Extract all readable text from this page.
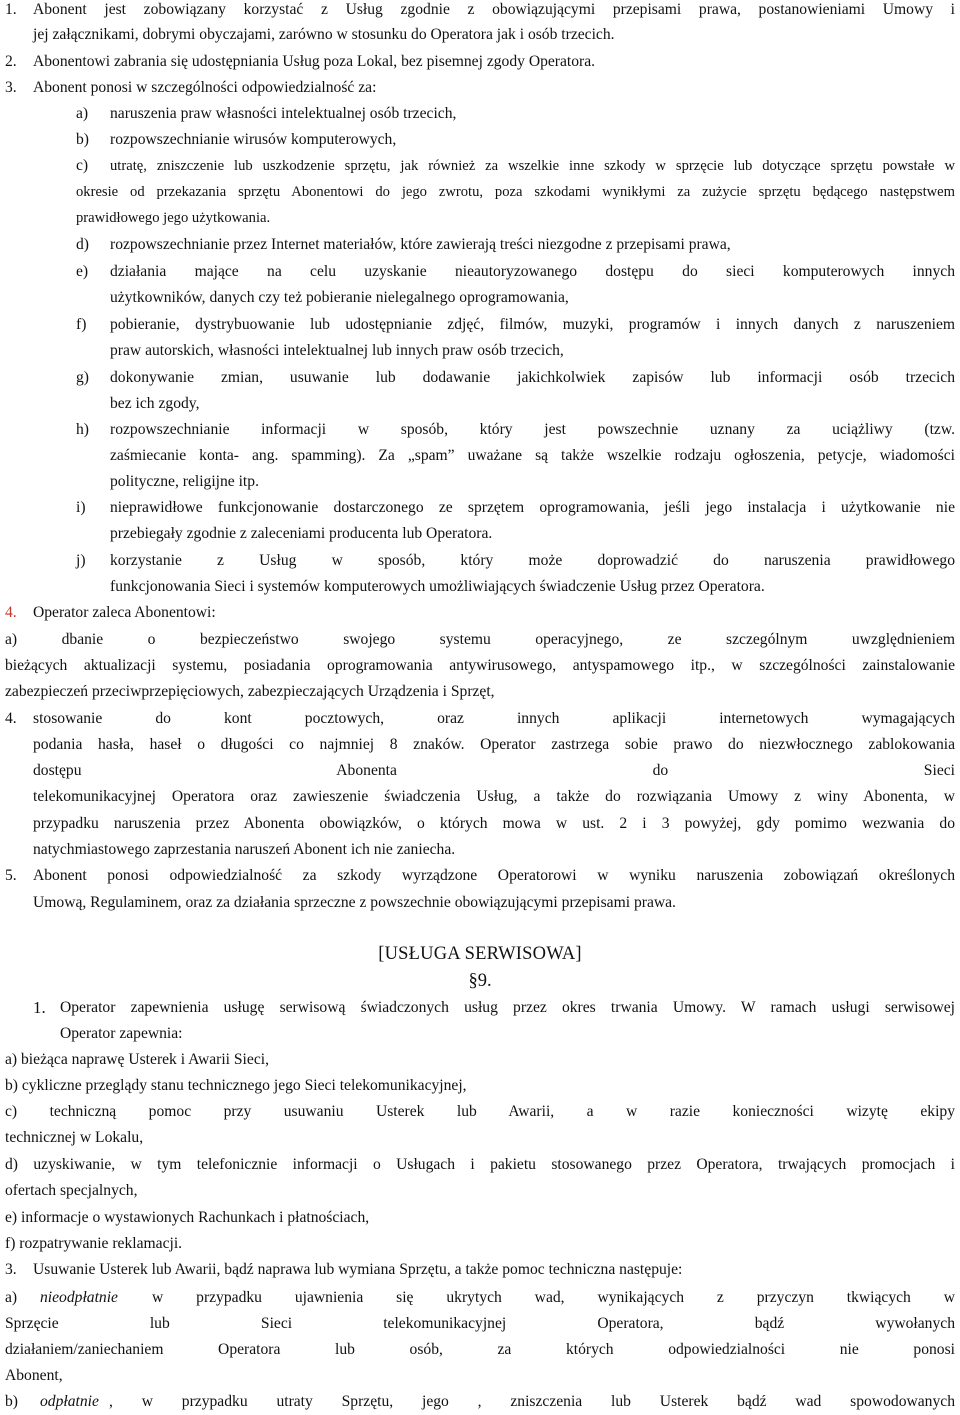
1. Abonent jest zobowiązany korzystać z Usług zgodnie z obowiązującymi przepisami prawa, postanowieniami Umowy i
jej załącznikami, dobrymi obyczajami, zarówno w stosunku do Operatora jak i osób trzecich.
2. Abonentowi zabrania się udostępniania Usług poza Lokal, bez pisemnej zgody Operatora.
3. Abonent ponosi w szczególności odpowiedzialność za:
a) naruszenia praw własności intelektualnej osób trzecich,
b) rozpowszechnianie wirusów komputerowych,
c) utratę, zniszczenie lub uszkodzenie sprzętu, jak również za wszelkie inne szkody w sprzęcie lub dotyczące sprzętu powstałe w
okresie od przekazania sprzętu Abonentowi do jego zwrotu, poza szkodami wynikłymi za zużycie sprzętu będącego następstwem
prawidłowego jego użytkowania.
d) rozpowszechnianie przez Internet materiałów, które zawierają treści niezgodne z przepisami prawa,
e) działania mające na celu uzyskanie nieautoryzowanego dostępu do sieci komputerowych innych
użytkowników, danych czy też pobieranie nielegalnego oprogramowania,
f) pobieranie, dystrybuowanie lub udostępnianie zdjęć, filmów, muzyki, programów i innych danych z naruszeniem
praw autorskich, własności intelektualnej lub innych praw osób trzecich,
g) dokonywanie zmian, usuwanie lub dodawanie jakichkolwiek zapisów lub informacji osób trzecich
bez ich zgody,
h) rozpowszechnianie informacji w sposób, który jest powszechnie uznany za uciążliwy (tzw.
zaśmiecanie konta- ang. spamming). Za „spam” uważane są także wszelkie rodzaju ogłoszenia, petycje, wiadomości
polityczne, religijne itp.
i) nieprawidłowe funkcjonowanie dostarczonego ze sprzętem oprogramowania, jeśli jego instalacja i użytkowanie nie
przebiegały zgodnie z zaleceniami producenta lub Operatora.
j) korzystanie z Usług w sposób, który może doprowadzić do naruszenia prawidłowego
funkcjonowania Sieci i systemów komputerowych umożliwiających świadczenie Usług przez Operatora.
4. Operator zaleca Abonentowi:
a) dbanie o bezpieczeństwo swojego systemu operacyjnego, ze szczególnym uwzględnieniem
bieżących aktualizacji systemu, posiadania oprogramowania antywirusowego, antyspamowego itp., w szczególności zainstalowanie
zabezpieczeń przeciwprzepięciowych, zabezpieczających Urządzenia i Sprzęt,
4. stosowanie do kont pocztowych, oraz innych aplikacji internetowych wymagających
podania hasła, haseł o długości co najmniej 8 znaków. Operator zastrzega sobie prawo do niezwłocznego zablokowania
dostępu Abonenta do Sieci
telekomunikacyjnej Operatora oraz zawieszenie świadczenia Usług, a także do rozwiązania Umowy z winy Abonenta, w
przypadku naruszenia przez Abonenta obowiązków, o których mowa w ust. 2 i 3 powyżej, gdy pomimo wezwania do
natychmiastowego zaprzestania naruszeń Abonent ich nie zaniecha.
5. Abonent ponosi odpowiedzialność za szkody wyrządzone Operatorowi w wyniku naruszenia zobowiązań określonych
Umową, Regulaminem, oraz za działania sprzeczne z powszechnie obowiązującymi przepisami prawa.
[USŁUGA SERWISOWA]
§9.
1. Operator zapewnienia usługę serwisową świadczonych usług przez okres trwania Umowy. W ramach usługi serwisowej
Operator zapewnia:
a) bieżąca naprawę Usterek i Awarii Sieci,
b) cykliczne przeglądy stanu technicznego jego Sieci telekomunikacyjnej,
c) techniczną pomoc przy usuwaniu Usterek lub Awarii, a w razie konieczności wizytę ekipy
technicznej w Lokalu,
d) uzyskiwanie, w tym telefonicznie informacji o Usługach i pakietu stosowanego przez Operatora, trwających promocjach i
ofertach specjalnych,
e) informacje o wystawionych Rachunkach i płatnościach,
f) rozpatrywanie reklamacji.
3. Usuwanie Usterek lub Awarii, bądź naprawa lub wymiana Sprzętu, a także pomoc techniczna następuje:
a) nieodpłatnie w przypadku ujawnienia się ukrytych wad, wynikających z przyczyn tkwiących w
Sprzęcie lub Sieci telekomunikacyjnej Operatora, bądź wywołanych
działaniem/zaniechaniem Operatora lub osób, za których odpowiedzialności nie ponosi
Abonent,
b) odpłatnie , w przypadku utraty Sprzętu, jego , zniszczenia lub Usterek bądź wad spowodowanych
